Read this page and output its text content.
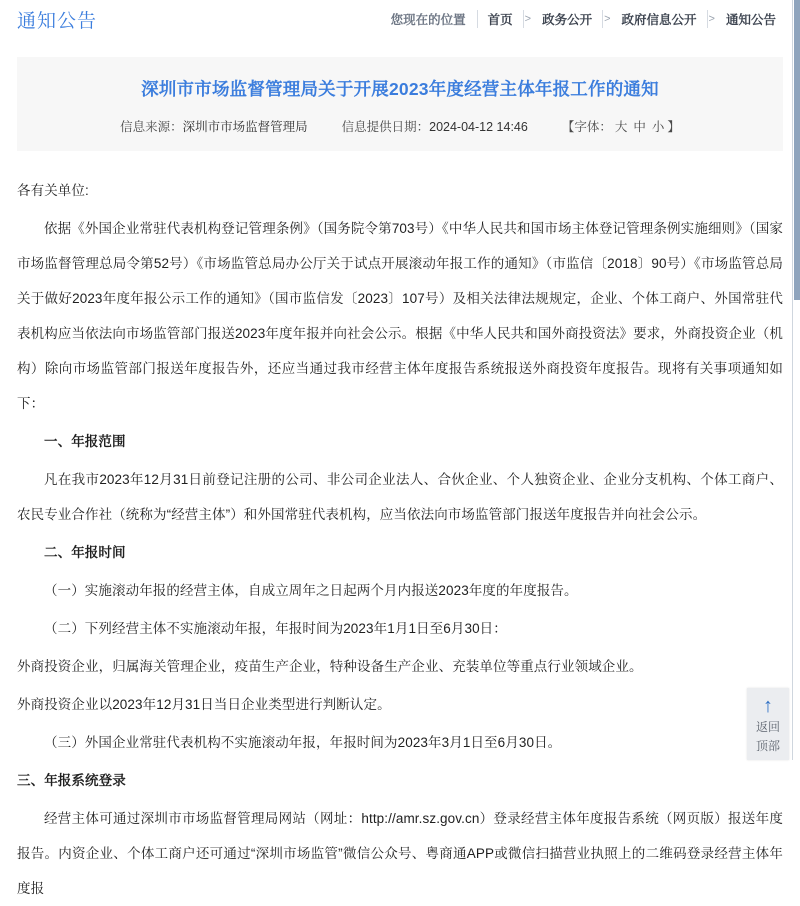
通知公告	您现在的位置	首页	> 政务公开	> 政府信息公开	> 通知公告
深圳市市场监督管理局关于开展2023年度经营主体年报工作的通知
信息来源：深圳市市场监督管理局	信息提供日期：2024-04-12 14:46	【字体： 大 中 小 】

各有关单位:

依据《外国企业常驻代表机构登记管理条例》（国务院令第703号）《中华人民共和国市场主体登记管理条例实施细则》（国家市场监督管理总局令第52号）《市场监管总局办公厅关于试点开展滚动年报工作的通知》（市监信〔2018〕90号）《市场监管总局关于做好2023年度年报公示工作的通知》（国市监信发〔2023〕107号）及相关法律法规规定，企业、个体工商户、外国常驻代表机构应当依法向市场监管部门报送2023年度年报并向社会公示。根据《中华人民共和国外商投资法》要求，外商投资企业（机构）除向市场监管部门报送年度报告外，还应当通过我市经营主体年度报告系统报送外商投资年度报告。现将有关事项通知如下：

一、年报范围

凡在我市2023年12月31日前登记注册的公司、非公司企业法人、合伙企业、个人独资企业、企业分支机构、个体工商户、农民专业合作社（统称为“经营主体”）和外国常驻代表机构，应当依法向市场监管部门报送年度报告并向社会公示。

二、年报时间

（一）实施滚动年报的经营主体，自成立周年之日起两个月内报送2023年度的年度报告。

（二）下列经营主体不实施滚动年报，年报时间为2023年1月1日至6月30日：

外商投资企业，归属海关管理企业，疫苗生产企业，特种设备生产企业、充装单位等重点行业领域企业。

外商投资企业以2023年12月31日当日企业类型进行判断认定。

（三）外国企业常驻代表机构不实施滚动年报，年报时间为2023年3月1日至6月30日。

三、年报系统登录

经营主体可通过深圳市市场监督管理局网站（网址：http://amr.sz.gov.cn）登录经营主体年度报告系统（网页版）报送年度报告。内资企业、个体工商户还可通过“深圳市场监管”微信公众号、粤商通APP或微信扫描营业执照上的二维码登录经营主体年度报

↑
返回
顶部
